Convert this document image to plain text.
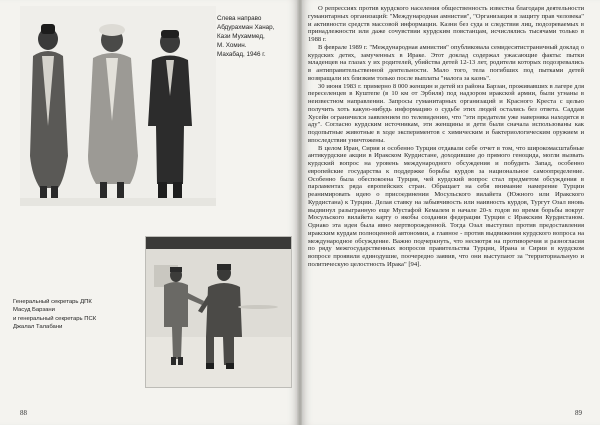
Слева направо
Абдурахман Ханар,
Кази Мухаммед,
М. Хомин.
Махабад, 1946 г.
Генеральный секретарь ДПК
Масуд Барзани
и генеральный секретарь ПСК
Джалал Талабани
88	89

О репрессиях против курдского населения общественность известна благодаря деятельности гуманитарных организаций: "Международная амнистия", "Организация в защиту прав человека" и активности средств массовой информации. Казни без суда и следствия лиц, подозреваемых в принадлежности или даже сочувствии курдским повстанцам, исчислялись тысячами только в 1988 г.

В феврале 1989 г. "Международная амнистия" опубликовала семидесятистраничный доклад о курдских детях, замученных в Ираке. Этот доклад содержал ужасающие факты: пытки младенцев на глазах у их родителей, убийства детей 12-13 лет, родители которых подозревались в антиправительственной деятельности. Мало того, тела погибших под пытками детей возвращали их близким только после выплаты "налога за казнь".

30 июня 1983 г. примерно 8 000 женщин и детей из района Барзан, проживавших в лагере для переселенцев в Куштепе (в 10 км от Эрбиля) под надзором иракской армии, были угнаны в неизвестном направлении. Запросы гуманитарных организаций и Красного Креста с целью получить хоть какую-нибудь информацию о судьбе этих людей остались без ответа. Саддам Хусейн ограничился заявлением по телевидению, что "эти предатели уже наверняка находятся в аду". Согласно курдским источникам, эти женщины и дети были сначала использованы как подопытные животные в ходе экспериментов с химическим и бактериологическим оружием и впоследствии уничтожены.

В целом Иран, Сирия и особенно Турция отдавали себе отчет в том, что широкомасштабные антикурдские акции в Иракском Курдистане, доходившие до прямого геноцида, могли вызвать курдский вопрос на уровень международного обсуждения и побудить Запад, особенно европейские государства к поддержке борьбы курдов за национальное самоопределение. Особенно была обеспокоена Турция, чей курдский вопрос стал предметом обсуждения в парламентах ряда европейских стран. Обращает на себя внимание намерение Турции реанимировать идею о присоединении Мосульского вилайета (Южного или Иракского Курдистана) к Турции. Делая ставку на забывчивость или наивность курдов, Тургут Озал вновь выдвинул разыгранную еще Мустафой Кемалем в начале 20-х годов во время борьбы вокруг Мосульского вилайета карту о якобы создании федерации Турции с Иракским Курдистаном. Однако эта идея была явно мертворожденной. Тогда Озал выступил против предоставления иракским курдам полноценной автономии, а главное - против выдвижения курдского вопроса на международное обсуждение. Важно подчеркнуть, что несмотря на противоречия и разногласия по ряду межгосударственных вопросов правительства Турции, Ирана и Сирии в курдском вопросе проявили единодушие, поочередно заявив, что они выступают за "территориальную и политическую целостность Ирака" [94].
